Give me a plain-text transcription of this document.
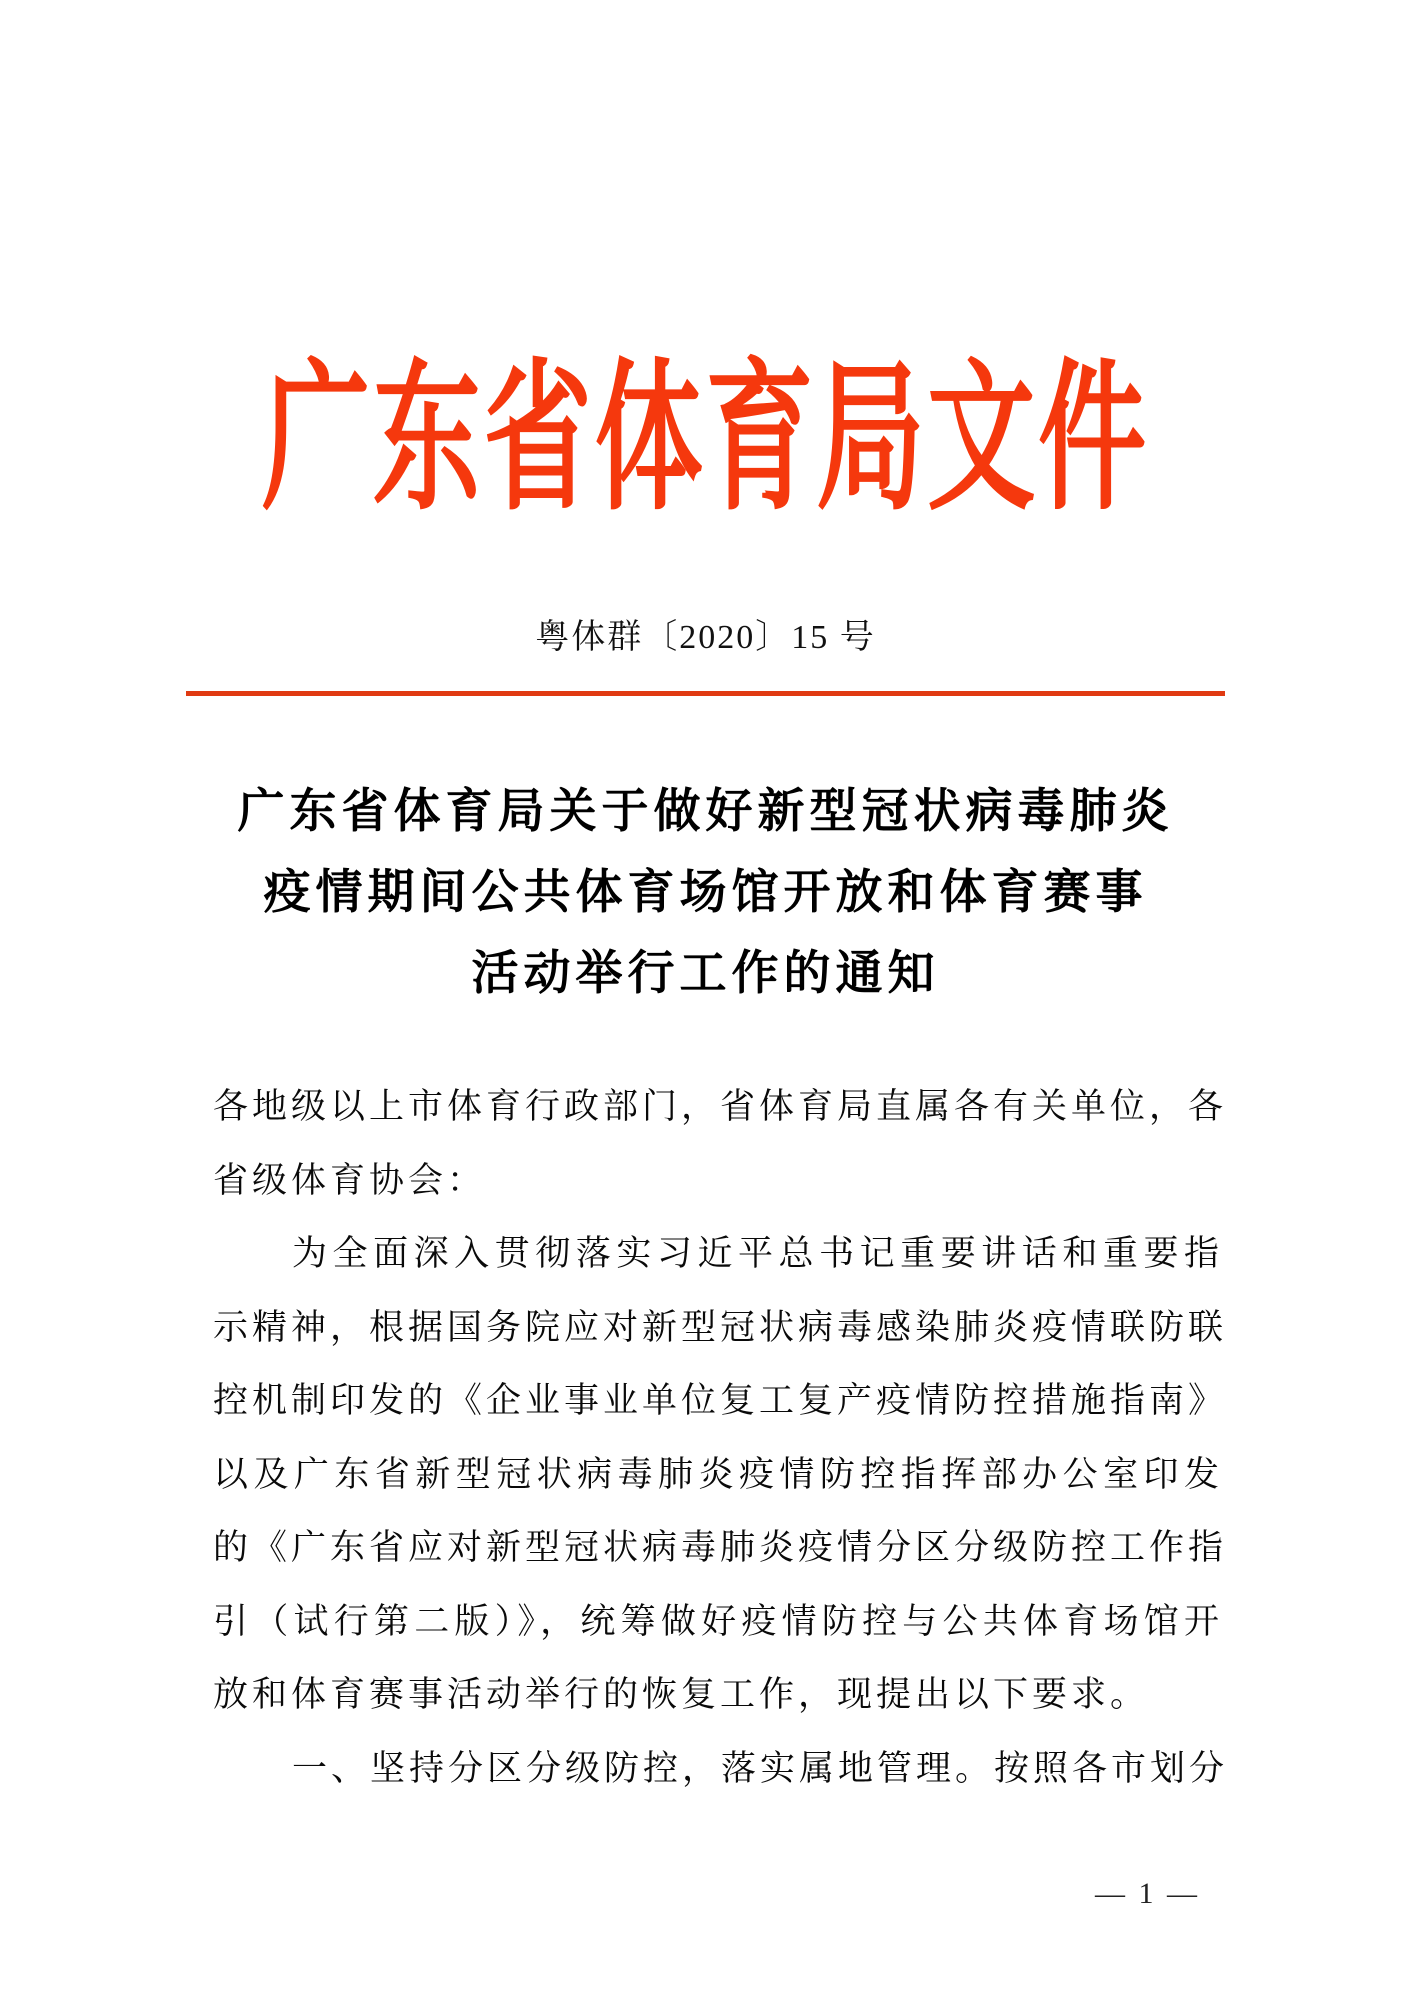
广东省体育局文件
粤体群〔2020〕15 号
广东省体育局关于做好新型冠状病毒肺炎
疫情期间公共体育场馆开放和体育赛事
活动举行工作的通知
各地级以上市体育行政部门，省体育局直属各有关单位，各
省级体育协会：
为全面深入贯彻落实习近平总书记重要讲话和重要指
示精神，根据国务院应对新型冠状病毒感染肺炎疫情联防联
控机制印发的《企业事业单位复工复产疫情防控措施指南》
以及广东省新型冠状病毒肺炎疫情防控指挥部办公室印发
的《广东省应对新型冠状病毒肺炎疫情分区分级防控工作指
引（试行第二版）》，统筹做好疫情防控与公共体育场馆开
放和体育赛事活动举行的恢复工作，现提出以下要求。
一、坚持分区分级防控，落实属地管理。按照各市划分
— 1 —
